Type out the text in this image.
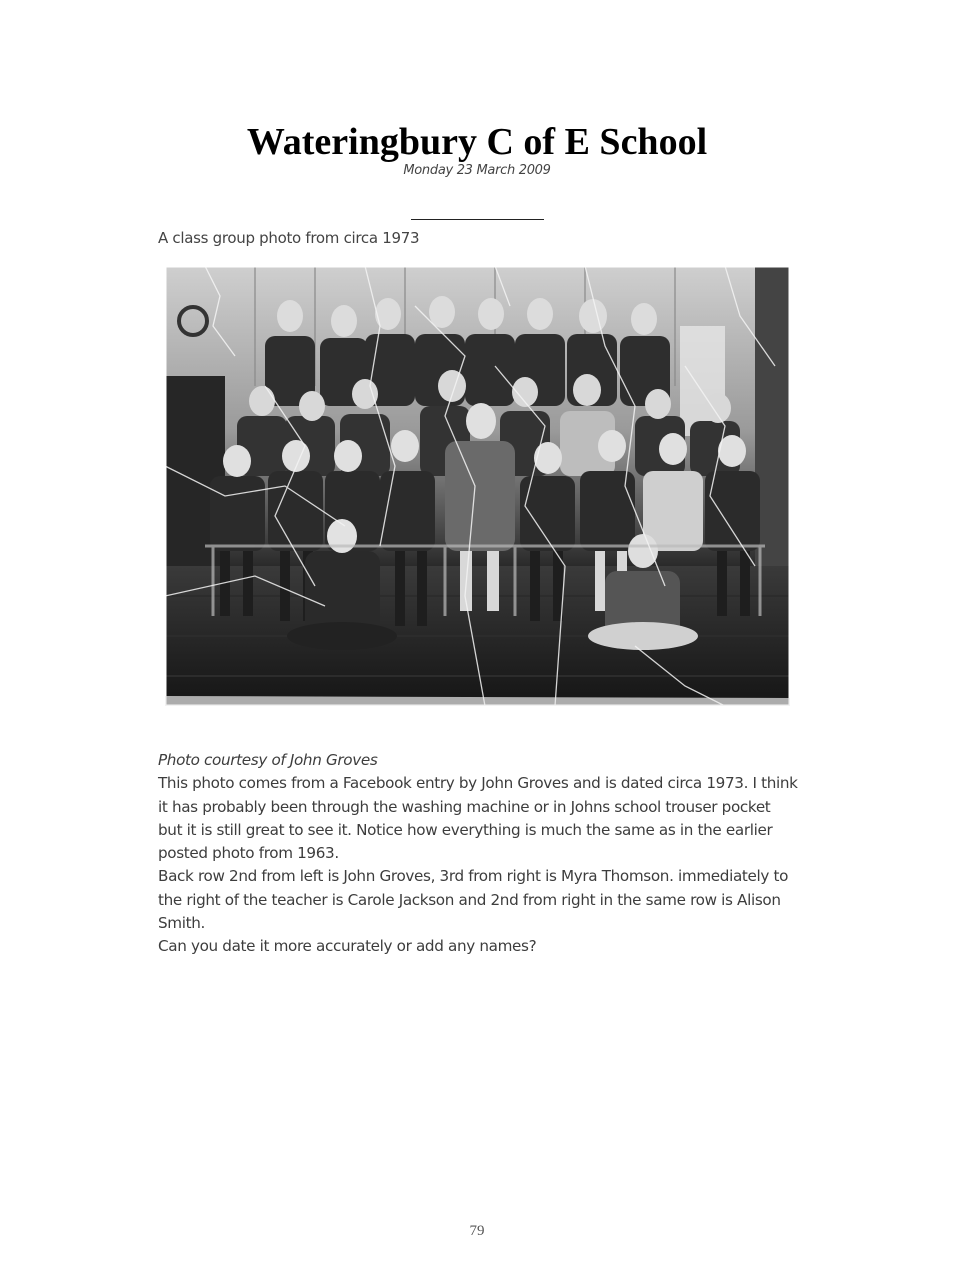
Wateringbury C of E School
Monday 23 March 2009
A class group photo from circa 1973

Photo courtesy of John Groves

This photo comes from a Facebook entry by John Groves and is dated circa 1973. I think it has probably been through the washing machine or in Johns school trouser pocket but it is still great to see it. Notice how everything is much the same as in the earlier posted photo from 1963.

Back row 2nd from left is John Groves, 3rd from right is Myra Thomson. immediately to the right of the teacher is Carole Jackson and 2nd from right in the same row is Alison Smith.

Can you date it more accurately or add any names?

79
